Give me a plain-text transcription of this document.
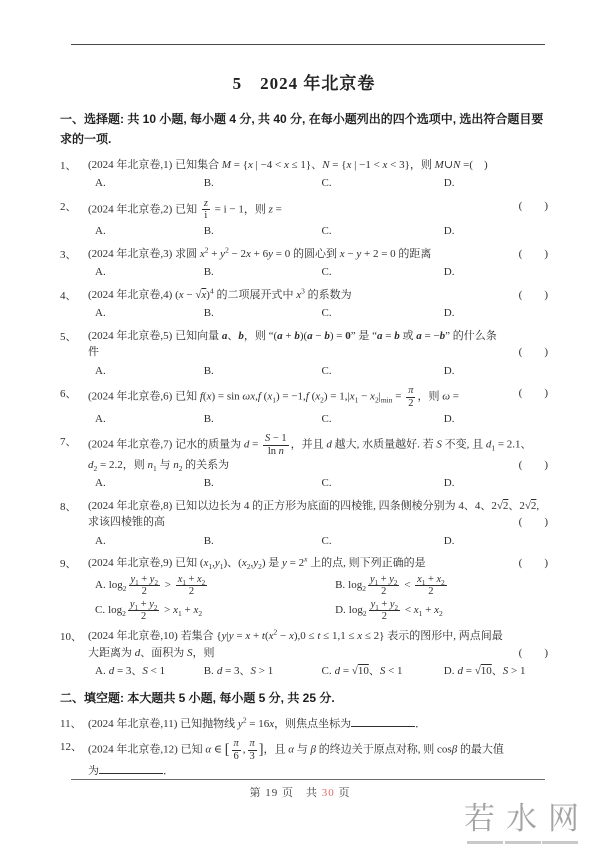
5　2024 年北京卷
一、选择题: 共 10 小题, 每小题 4 分, 共 40 分, 在每小题列出的四个选项中, 选出符合题目要求的一项.
1、	(2024 年北京卷,1) 已知集合 M = {x | −4 < x ≤ 1}、N = {x | −1 < x < 3}，则 M∪N =(    )
A.	B.	C.	D.
2、	(2024 年北京卷,2) 已知 $\frac{z}{i} = i - 1$，则 z =	(　　)
A.	B.	C.	D.
3、	(2024 年北京卷,3) 求圆 $x^2 + y^2 - 2x + 6y = 0$ 的圆心到 x − y + 2 = 0 的距离	(　　)
A.	B.	C.	D.
4、	(2024 年北京卷,4) $(x - √x)^4$ 的二项展开式中 $x^3$ 的系数为	(　　)
A.	B.	C.	D.
5、	(2024 年北京卷,5) 已知向量 a、b，则 “(a + b)(a − b) = 0” 是 “a = b 或 a = −b” 的什么条
件	(　　)
A.	B.	C.	D.
6、	(2024 年北京卷,6) 已知 f(x) = sin ωx,f $(x_1) = -1,f$ $(x_2) = 1,|x_1 - x_2|_{min} = \frac{\pi}{2}$ ，则 ω =	(　　)
A.	B.	C.	D.
7、	(2024 年北京卷,7) 记水的质量为 $d = \frac{S - 1}{\text{ln n}}$ ，并且 d 越大, 水质量越好. 若 S 不变, 且 $d_1 = 2.1$、
$d_2 = 2.2$，则 $n_1$ 与 $n_2$ 的关系为	(　　)
A.	B.	C.	D.
8、	(2024 年北京卷,8) 已知以边长为 4 的正方形为底面的四棱锥, 四条侧棱分别为 4、4、2√2、2√2,
求该四棱锥的高	(　　)
A.	B.	C.	D.
9、	(2024 年北京卷,9) 已知 $(x_1,y_1)$、$(x_2,y_2)$ 是 $y = 2^x$ 上的点, 则下列正确的是	(　　)
A. $\log_2 \frac{y_1 + y_2}{2} > \frac{x_1 + x_2}{2}$	B. $\log_2 \frac{y_1 + y_2}{2} < \frac{x_1 + x_2}{2}$
C. $\log_2 \frac{y_1 + y_2}{2} > x_1 + x_2$	D. $\log_2 \frac{y_1 + y_2}{2} < x_1 + x_2$
10、 (2024 年北京卷,10) 若集合 $\{y|y = x + t(x^2 - x),0 \le t \le 1,1 \le x \le 2\}$ 表示的图形中, 两点间最
大距离为 d、面积为 S，则	(　　)
A. d = 3、S < 1	B. d = 3、S > 1	C. d = √10、S < 1	D. d = √10、S > 1
二、填空题: 本大题共 5 小题, 每小题 5 分, 共 25 分.
11、 (2024 年北京卷,11) 已知抛物线 $y^2 = 16x$，则焦点坐标为	．
12、 (2024 年北京卷,12) 已知 α ∈ [ $\frac{\pi}{6}$ , $\frac{\pi}{3}$ ]，且 α 与 β 的终边关于原点对称, 则 cosβ 的最大值
为	．
第 19 页　共 30 页
若水网
